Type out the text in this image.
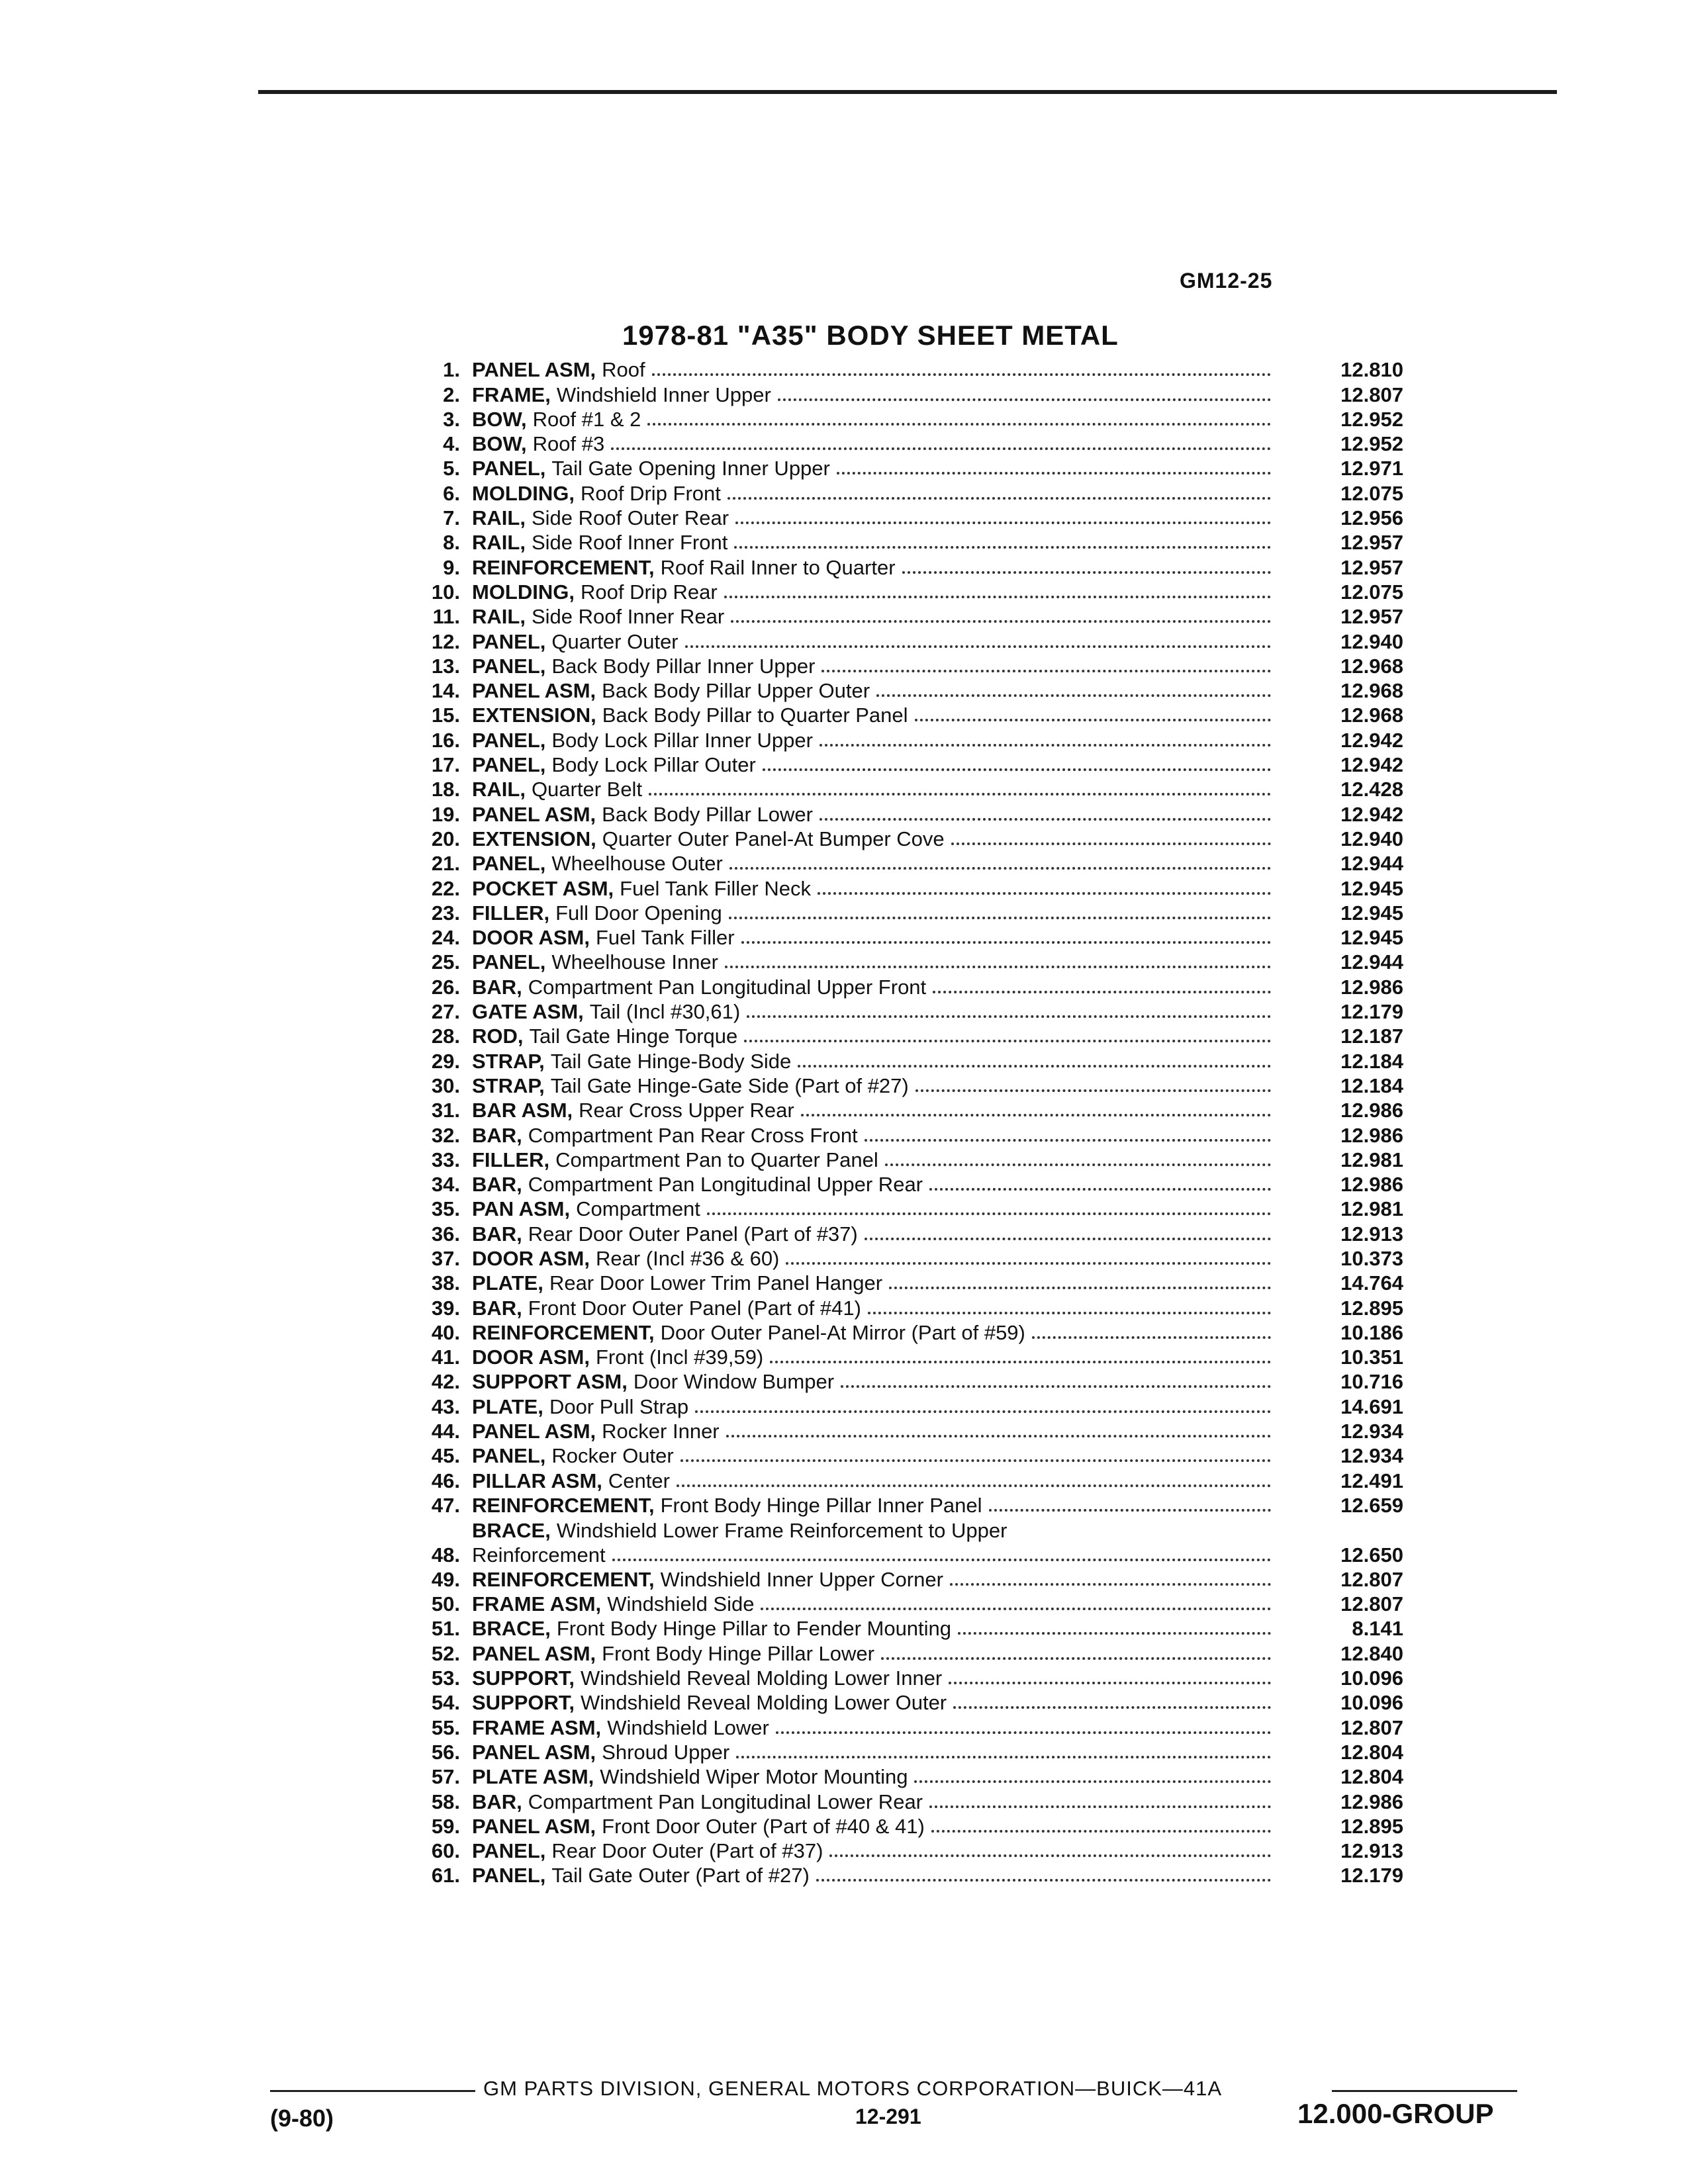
GM12-25
1978-81 "A35" BODY SHEET METAL
1. PANEL ASM, Roof	12.810
2. FRAME, Windshield Inner Upper	12.807
3. BOW, Roof #1 & 2	12.952
4. BOW, Roof #3	12.952
5. PANEL, Tail Gate Opening Inner Upper	12.971
6. MOLDING, Roof Drip Front	12.075
7. RAIL, Side Roof Outer Rear	12.956
8. RAIL, Side Roof Inner Front	12.957
9. REINFORCEMENT, Roof Rail Inner to Quarter	12.957
10. MOLDING, Roof Drip Rear	12.075
11. RAIL, Side Roof Inner Rear	12.957
12. PANEL, Quarter Outer	12.940
13. PANEL, Back Body Pillar Inner Upper	12.968
14. PANEL ASM, Back Body Pillar Upper Outer	12.968
15. EXTENSION, Back Body Pillar to Quarter Panel	12.968
16. PANEL, Body Lock Pillar Inner Upper	12.942
17. PANEL, Body Lock Pillar Outer	12.942
18. RAIL, Quarter Belt	12.428
19. PANEL ASM, Back Body Pillar Lower	12.942
20. EXTENSION, Quarter Outer Panel-At Bumper Cove	12.940
21. PANEL, Wheelhouse Outer	12.944
22. POCKET ASM, Fuel Tank Filler Neck	12.945
23. FILLER, Full Door Opening	12.945
24. DOOR ASM, Fuel Tank Filler	12.945
25. PANEL, Wheelhouse Inner	12.944
26. BAR, Compartment Pan Longitudinal Upper Front	12.986
27. GATE ASM, Tail (Incl #30,61)	12.179
28. ROD, Tail Gate Hinge Torque	12.187
29. STRAP, Tail Gate Hinge-Body Side	12.184
30. STRAP, Tail Gate Hinge-Gate Side (Part of #27)	12.184
31. BAR ASM, Rear Cross Upper Rear	12.986
32. BAR, Compartment Pan Rear Cross Front	12.986
33. FILLER, Compartment Pan to Quarter Panel	12.981
34. BAR, Compartment Pan Longitudinal Upper Rear	12.986
35. PAN ASM, Compartment	12.981
36. BAR, Rear Door Outer Panel (Part of #37)	12.913
37. DOOR ASM, Rear (Incl #36 & 60)	10.373
38. PLATE, Rear Door Lower Trim Panel Hanger	14.764
39. BAR, Front Door Outer Panel (Part of #41)	12.895
40. REINFORCEMENT, Door Outer Panel-At Mirror (Part of #59)	10.186
41. DOOR ASM, Front (Incl #39,59)	10.351
42. SUPPORT ASM, Door Window Bumper	10.716
43. PLATE, Door Pull Strap	14.691
44. PANEL ASM, Rocker Inner	12.934
45. PANEL, Rocker Outer	12.934
46. PILLAR ASM, Center	12.491
47. REINFORCEMENT, Front Body Hinge Pillar Inner Panel	12.659
48.
BRACE, Windshield Lower Frame Reinforcement to Upper
Reinforcement	12.650
49. REINFORCEMENT, Windshield Inner Upper Corner	12.807
50. FRAME ASM, Windshield Side	12.807
51. BRACE, Front Body Hinge Pillar to Fender Mounting	8.141
52. PANEL ASM, Front Body Hinge Pillar Lower	12.840
53. SUPPORT, Windshield Reveal Molding Lower Inner	10.096
54. SUPPORT, Windshield Reveal Molding Lower Outer	10.096
55. FRAME ASM, Windshield Lower	12.807
56. PANEL ASM, Shroud Upper	12.804
57. PLATE ASM, Windshield Wiper Motor Mounting	12.804
58. BAR, Compartment Pan Longitudinal Lower Rear	12.986
59. PANEL ASM, Front Door Outer (Part of #40 & 41)	12.895
60. PANEL, Rear Door Outer (Part of #37)	12.913
61. PANEL, Tail Gate Outer (Part of #27)	12.179
GM PARTS DIVISION, GENERAL MOTORS CORPORATION—BUICK—41A
(9-80)	12-291	12.000-GROUP
